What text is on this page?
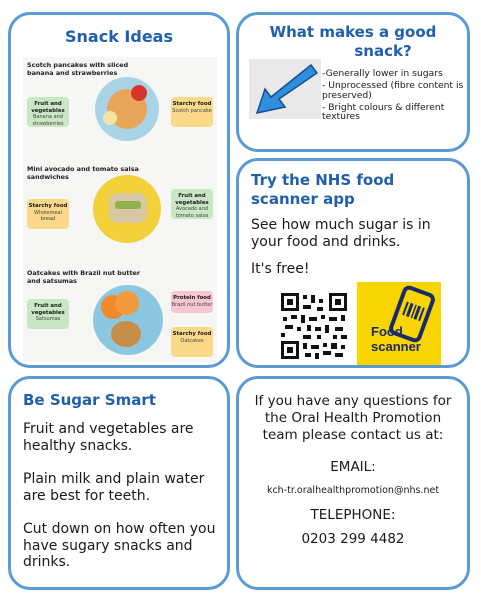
Snack Ideas
Scotch pancakes with sliced banana and strawberries
Fruit and vegetables
Banana and strawberries
Starchy food
Scotch pancake
Mini avocado and tomato salsa sandwiches
Starchy food
Wholemeal bread
Fruit and vegetables
Avocado and tomato salsa
Oatcakes with Brazil nut butter and satsumas
Fruit and vegetables
Satsumas
Protein food
Brazil nut butter
Starchy food
Oatcakes
What makes a good
snack?
-Generally lower in sugars
- Unprocessed (fibre content is preserved)
- Bright colours & different textures
Try the NHS food
scanner app
See how much sugar is in your food and drinks.
It's free!
Food
scanner
Be Sugar Smart
Fruit and vegetables are healthy snacks.
Plain milk and plain water are best for teeth.
Cut down on how often you have sugary snacks and drinks.
If you have any questions for the Oral Health Promotion team please contact us at:
EMAIL:
kch-tr.oralhealthpromotion@nhs.net
TELEPHONE:
0203 299 4482
